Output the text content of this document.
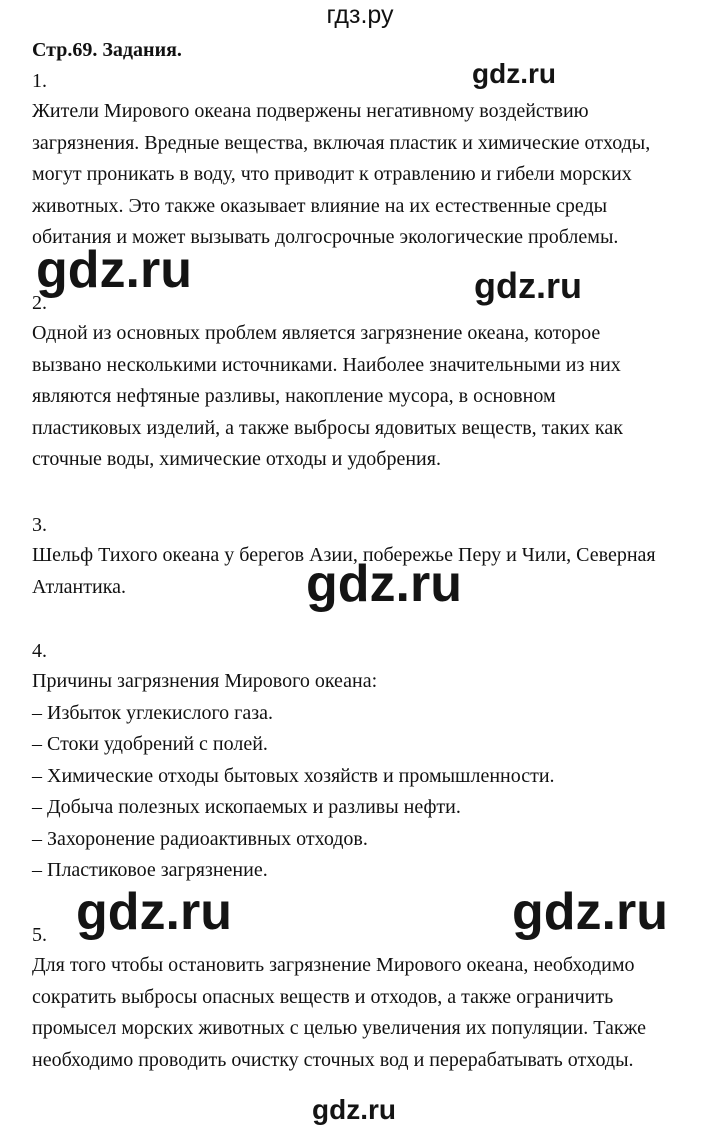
гдз.ру
Стр.69. Задания.
1.
Жители Мирового океана подвержены негативному воздействию
загрязнения. Вредные вещества, включая пластик и химические отходы,
могут проникать в воду, что приводит к отравлению и гибели морских
животных. Это также оказывает влияние на их естественные среды
обитания и может вызывать долгосрочные экологические проблемы.
2.
Одной из основных проблем является загрязнение океана, которое
вызвано несколькими источниками. Наиболее значительными из них
являются нефтяные разливы, накопление мусора, в основном
пластиковых изделий, а также выбросы ядовитых веществ, таких как
сточные воды, химические отходы и удобрения.
3.
Шельф Тихого океана у берегов Азии, побережье Перу и Чили, Северная
Атлантика.
4.
Причины загрязнения Мирового океана:
– Избыток углекислого газа.
– Стоки удобрений с полей.
– Химические отходы бытовых хозяйств и промышленности.
– Добыча полезных ископаемых и разливы нефти.
– Захоронение радиоактивных отходов.
– Пластиковое загрязнение.
5.
Для того чтобы остановить загрязнение Мирового океана, необходимо
сократить выбросы опасных веществ и отходов, а также ограничить
промысел морских животных с целью увеличения их популяции. Также
необходимо проводить очистку сточных вод и перерабатывать отходы.
gdz.ru
gdz.ru	gdz.ru
gdz.ru
gdz.ru	gdz.ru
gdz.ru
